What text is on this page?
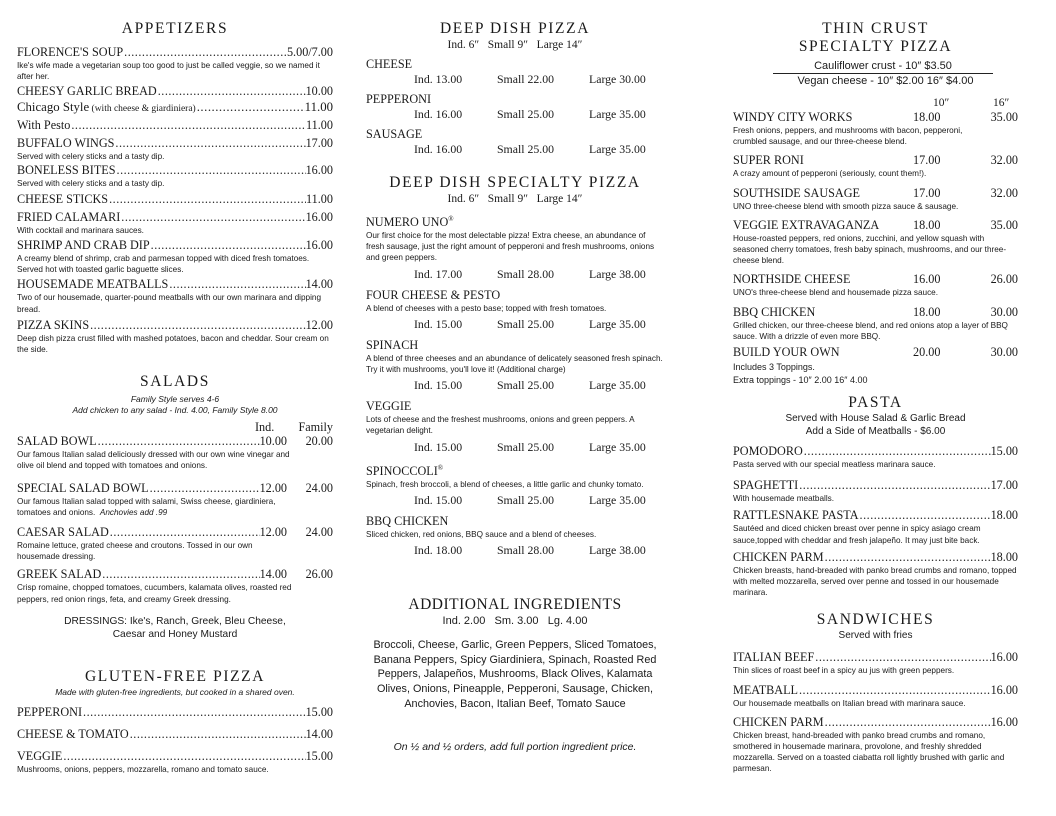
APPETIZERS
FLORENCE'S SOUP .....	5.00/7.00
Ike's wife made a vegetarian soup too good to just be called veggie, so we named it after her.
CHEESY GARLIC BREAD .....	10.00
Chicago Style (with cheese & giardiniera) .....	11.00
With Pesto .....	11.00
BUFFALO WINGS .....	17.00
Served with celery sticks and a tasty dip.
BONELESS BITES .....	16.00
Served with celery sticks and a tasty dip.
CHEESE STICKS .....	11.00
FRIED CALAMARI .....	16.00
With cocktail and marinara sauces.
SHRIMP AND CRAB DIP .....	16.00
A creamy blend of shrimp, crab and parmesan topped with diced fresh tomatoes. Served hot with toasted garlic baguette slices.
HOUSEMADE MEATBALLS .....	14.00
Two of our housemade, quarter-pound meatballs with our own marinara and dipping bread.
PIZZA SKINS .....	12.00
Deep dish pizza crust filled with mashed potatoes, bacon and cheddar. Sour cream on the side.
SALADS
Family Style serves 4-6
Add chicken to any salad - Ind. 4.00, Family Style 8.00
Ind.	Family
SALAD BOWL .....	10.00	20.00
Our famous Italian salad deliciously dressed with our own wine vinegar and olive oil blend and topped with tomatoes and onions.
SPECIAL SALAD BOWL .....	12.00	24.00
Our famous Italian salad topped with salami, Swiss cheese, giardiniera, tomatoes and onions. Anchovies add .99
CAESAR SALAD .....	12.00	24.00
Romaine lettuce, grated cheese and croutons. Tossed in our own housemade dressing.
GREEK SALAD .....	14.00	26.00
Crisp romaine, chopped tomatoes, cucumbers, kalamata olives, roasted red peppers, red onion rings, feta, and creamy Greek dressing.
DRESSINGS: Ike's, Ranch, Greek, Bleu Cheese,
Caesar and Honey Mustard
GLUTEN-FREE PIZZA
Made with gluten-free ingredients, but cooked in a shared oven.
PEPPERONI .....	15.00
CHEESE & TOMATO .....	14.00
VEGGIE .....	15.00
Mushrooms, onions, peppers, mozzarella, romano and tomato sauce.
DEEP DISH PIZZA
Ind. 6″   Small 9″   Large 14″
CHEESE
Ind. 13.00	Small 22.00	Large 30.00
PEPPERONI
Ind. 16.00	Small 25.00	Large 35.00
SAUSAGE
Ind. 16.00	Small 25.00	Large 35.00
DEEP DISH SPECIALTY PIZZA
Ind. 6″   Small 9″   Large 14″
NUMERO UNO®
Our first choice for the most delectable pizza! Extra cheese, an abundance of fresh sausage, just the right amount of pepperoni and fresh mushrooms, onions and green peppers.
Ind. 17.00	Small 28.00	Large 38.00
FOUR CHEESE & PESTO
A blend of cheeses with a pesto base; topped with fresh tomatoes.
Ind. 15.00	Small 25.00	Large 35.00
SPINACH
A blend of three cheeses and an abundance of delicately seasoned fresh spinach. Try it with mushrooms, you'll love it! (Additional charge)
Ind. 15.00	Small 25.00	Large 35.00
VEGGIE
Lots of cheese and the freshest mushrooms, onions and green peppers. A vegetarian delight.
Ind. 15.00	Small 25.00	Large 35.00
SPINOCCOLI®
Spinach, fresh broccoli, a blend of cheeses, a little garlic and chunky tomato.
Ind. 15.00	Small 25.00	Large 35.00
BBQ CHICKEN
Sliced chicken, red onions, BBQ sauce and a blend of cheeses.
Ind. 18.00	Small 28.00	Large 38.00
ADDITIONAL INGREDIENTS
Ind. 2.00   Sm. 3.00   Lg. 4.00
Broccoli, Cheese, Garlic, Green Peppers, Sliced Tomatoes, Banana Peppers, Spicy Giardiniera, Spinach, Roasted Red Peppers, Jalapeños, Mushrooms, Black Olives, Kalamata Olives, Onions, Pineapple, Pepperoni, Sausage, Chicken, Anchovies, Bacon, Italian Beef, Tomato Sauce
On ½ and ½ orders, add full portion ingredient price.
THIN CRUST
SPECIALTY PIZZA
Cauliflower crust - 10″ $3.50
Vegan cheese - 10″ $2.00 16″ $4.00
10″	16″
WINDY CITY WORKS	18.00	35.00
Fresh onions, peppers, and mushrooms with bacon, pepperoni, crumbled sausage, and our three-cheese blend.
SUPER RONI	17.00	32.00
A crazy amount of pepperoni (seriously, count them!).
SOUTHSIDE SAUSAGE	17.00	32.00
UNO three-cheese blend with smooth pizza sauce & sausage.
VEGGIE EXTRAVAGANZA	18.00	35.00
House-roasted peppers, red onions, zucchini, and yellow squash with seasoned cherry tomatoes, fresh baby spinach, mushrooms, and our three-cheese blend.
NORTHSIDE CHEESE	16.00	26.00
UNO's three-cheese blend and housemade pizza sauce.
BBQ CHICKEN	18.00	30.00
Grilled chicken, our three-cheese blend, and red onions atop a layer of BBQ sauce. With a drizzle of even more BBQ.
BUILD YOUR OWN	20.00	30.00
Includes 3 Toppings.
Extra toppings - 10″ 2.00 16″ 4.00
PASTA
Served with House Salad & Garlic Bread
Add a Side of Meatballs - $6.00
POMODORO .....	15.00
Pasta served with our special meatless marinara sauce.
SPAGHETTI .....	17.00
With housemade meatballs.
RATTLESNAKE PASTA .....	18.00
Sautéed and diced chicken breast over penne in spicy asiago cream sauce,topped with cheddar and fresh jalapeño. It may just bite back.
CHICKEN PARM .....	18.00
Chicken breasts, hand-breaded with panko bread crumbs and romano, topped with melted mozzarella, served over penne and tossed in our housemade marinara.
SANDWICHES
Served with fries
ITALIAN BEEF .....	16.00
Thin slices of roast beef in a spicy au jus with green peppers.
MEATBALL .....	16.00
Our housemade meatballs on Italian bread with marinara sauce.
CHICKEN PARM .....	16.00
Chicken breast, hand-breaded with panko bread crumbs and romano, smothered in housemade marinara, provolone, and freshly shredded mozzarella. Served on a toasted ciabatta roll lightly brushed with garlic and parmesan.
